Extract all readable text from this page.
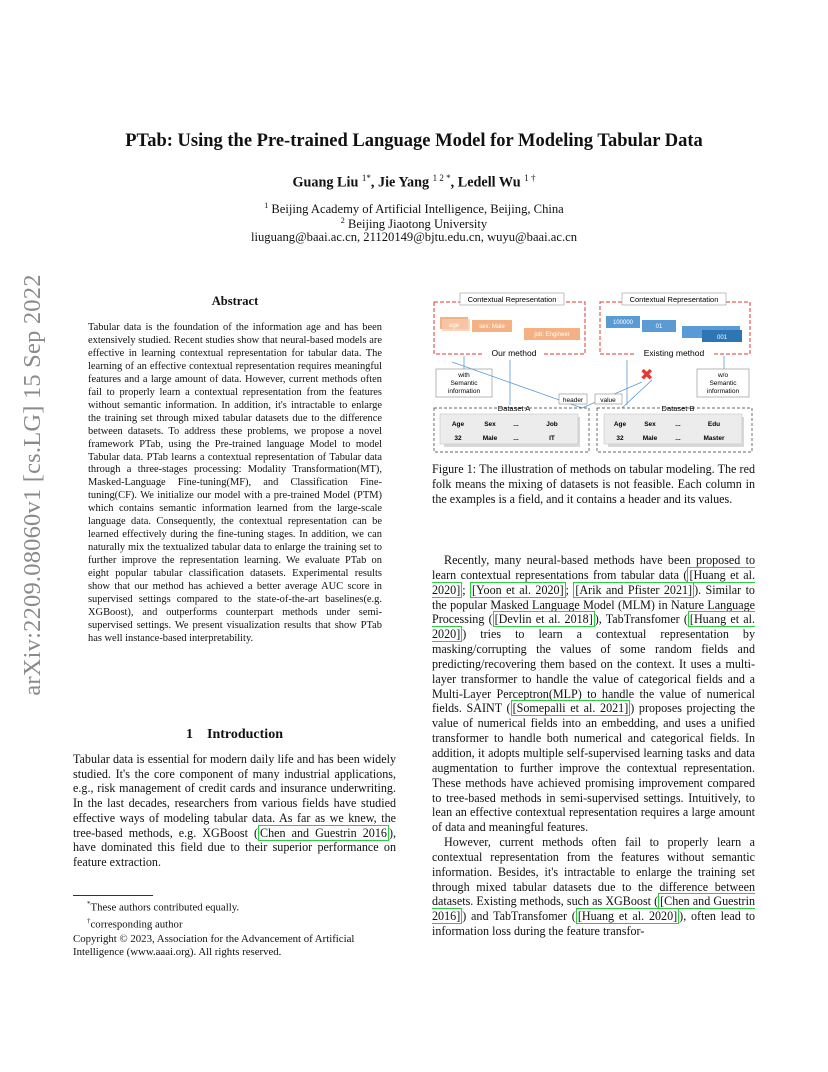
arXiv:2209.08060v1 [cs.LG] 15 Sep 2022
PTab: Using the Pre-trained Language Model for Modeling Tabular Data
Guang Liu $^{1*}$, Jie Yang $^{1 2 *}$, Ledell Wu $^{1 \dagger}$
$^1$ Beijing Academy of Artificial Intelligence, Beijing, China
$^2$ Beijing Jiaotong University
liuguang@baai.ac.cn, 21120149@bjtu.edu.cn, wuyu@baai.ac.cn
Abstract
Tabular data is the foundation of the information age and has been extensively studied. Recent studies show that neural-based models are effective in learning contextual representation for tabular data. The learning of an effective contextual representation requires meaningful features and a large amount of data. However, current methods often fail to properly learn a contextual representation from the features without semantic information. In addition, it's intractable to enlarge the training set through mixed tabular datasets due to the difference between datasets. To address these problems, we propose a novel framework PTab, using the Pre-trained language Model to model Tabular data. PTab learns a contextual representation of Tabular data through a three-stages processing: Modality Transformation(MT), Masked-Language Fine-tuning(MF), and Classification Fine-tuning(CF). We initialize our model with a pre-trained Model (PTM) which contains semantic information learned from the large-scale language data. Consequently, the contextual representation can be learned effectively during the fine-tuning stages. In addition, we can naturally mix the textualized tabular data to enlarge the training set to further improve the representation learning. We evaluate PTab on eight popular tabular classification datasets. Experimental results show that our method has achieved a better average AUC score in supervised settings compared to the state-of-the-art baselines(e.g. XGBoost), and outperforms counterpart methods under semi-supervised settings. We present visualization results that show PTab has well instance-based interpretability.
1 Introduction
Tabular data is essential for modern daily life and has been widely studied. It's the core component of many industrial applications, e.g., risk management of credit cards and insurance underwriting. In the last decades, researchers from various fields have studied effective ways of modeling tabular data. As far as we knew, the tree-based methods, e.g. XGBoost ( Chen and Guestrin 2016 ), have dominated this field due to their superior performance on feature extraction.
*These authors contributed equally.
†corresponding author
Copyright © 2023, Association for the Advancement of Artificial Intelligence (www.aaai.org). All rights reserved.
Contextual Representation
age	sex: Male
job: Engineer
Our method
Contextual Representation
100000
01
001
Existing method
with
Semantic
information
w/o
Semantic
information
✖
header	value
Dataset A
Age	Sex	...	Job
32	Male ...	IT
Dataset B
Age	Sex	...	Edu
32	Male	...	Master
Figure 1: The illustration of methods on tabular modeling. The red folk means the mixing of datasets is not feasible. Each column in the examples is a field, and it contains a header and its values.

Recently, many neural-based methods have been proposed to learn contextual representations from tabular data ( [Huang et al. 2020] ; [Yoon et al. 2020] ; [Arik and Pfister 2021] ). Similar to the popular Masked Language Model (MLM) in Nature Language Processing ( [Devlin et al. 2018] ), TabTransfomer ( [Huang et al. 2020] ) tries to learn a contextual representation by masking/corrupting the values of some random fields and predicting/recovering them based on the context. It uses a multi-layer transformer to handle the value of categorical fields and a Multi-Layer Perceptron(MLP) to handle the value of numerical fields. SAINT ( [Somepalli et al. 2021] ) proposes projecting the value of numerical fields into an embedding, and uses a unified transformer to handle both numerical and categorical fields. In addition, it adopts multiple self-supervised learning tasks and data augmentation to further improve the contextual representation. These methods have achieved promising improvement compared to tree-based methods in semi-supervised settings. Intuitively, to lean an effective contextual representation requires a large amount of data and meaningful features.

However, current methods often fail to properly learn a contextual representation from the features without semantic information. Besides, it's intractable to enlarge the training set through mixed tabular datasets due to the difference between datasets. Existing methods, such as XGBoost ( [Chen and Guestrin 2016] ) and TabTransfomer ( [Huang et al. 2020] ), often lead to information loss during the feature transfor-
